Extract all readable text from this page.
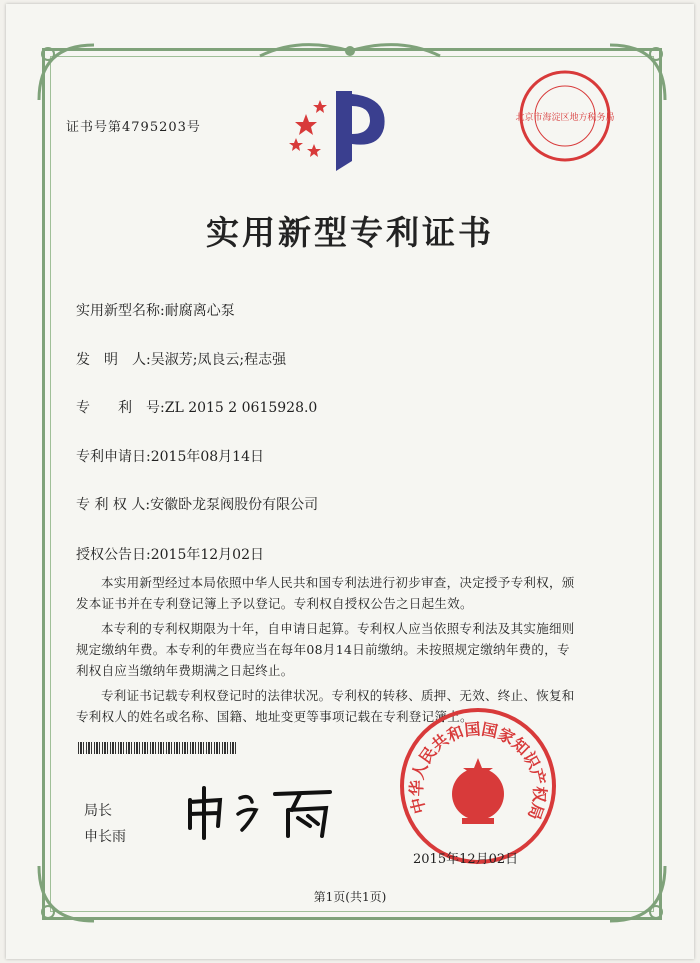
证书号第4795203号
北京市海淀区地方税务局
实用新型专利证书
实用新型名称:耐腐离心泵
发　明　人:吴淑芳;凤良云;程志强
专　　利　号:ZL 2015 2 0615928.0
专利申请日:2015年08月14日
专 利 权 人:安徽卧龙泵阀股份有限公司
授权公告日:2015年12月02日

本实用新型经过本局依照中华人民共和国专利法进行初步审查，决定授予专利权，颁发本证书并在专利登记簿上予以登记。专利权自授权公告之日起生效。

本专利的专利权期限为十年，自申请日起算。专利权人应当依照专利法及其实施细则规定缴纳年费。本专利的年费应当在每年08月14日前缴纳。未按照规定缴纳年费的，专利权自应当缴纳年费期满之日起终止。

专利证书记载专利权登记时的法律状况。专利权的转移、质押、无效、终止、恢复和专利权人的姓名或名称、国籍、地址变更等事项记载在专利登记簿上。

局长
申长雨
中华人民共和国国家知识产权局
2015年12月02日
第1页(共1页)
